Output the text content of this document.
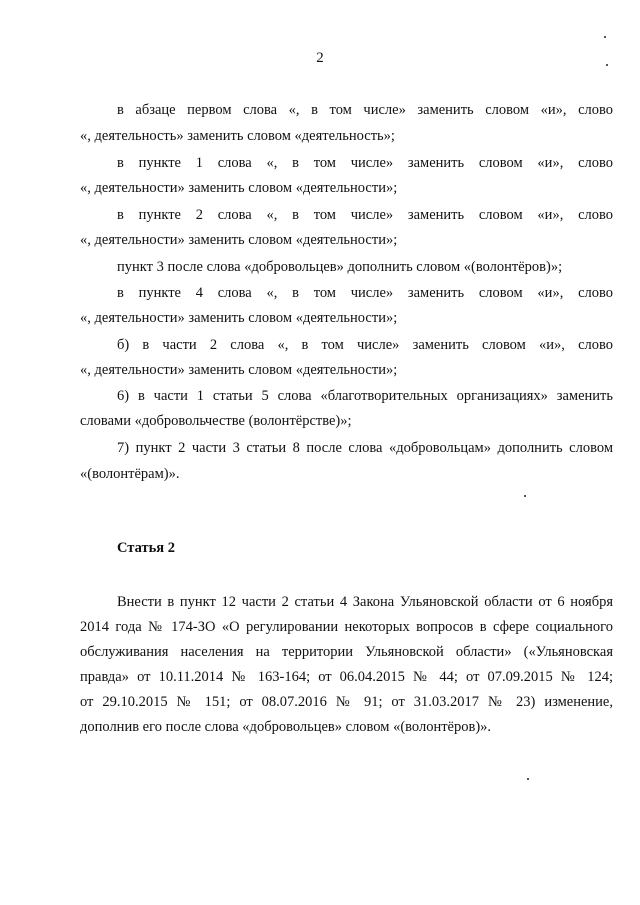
2
в абзаце первом слова «, в том числе» заменить словом «и», слово
«, деятельность» заменить словом «деятельность»;
в пункте 1 слова «, в том числе» заменить словом «и», слово
«, деятельности» заменить словом «деятельности»;
в пункте 2 слова «, в том числе» заменить словом «и», слово
«, деятельности» заменить словом «деятельности»;
пункт 3 после слова «добровольцев» дополнить словом «(волонтёров)»;
в пункте 4 слова «, в том числе» заменить словом «и», слово
«, деятельности» заменить словом «деятельности»;
б) в части 2 слова «, в том числе» заменить словом «и», слово
«, деятельности» заменить словом «деятельности»;
6) в части 1 статьи 5 слова «благотворительных организациях» заменить
словами «добровольчестве (волонтёрстве)»;
7) пункт 2 части 3 статьи 8 после слова «добровольцам» дополнить словом
«(волонтёрам)».
Статья 2
Внести в пункт 12 части 2 статьи 4 Закона Ульяновской области от 6 ноября
2014 года № 174-ЗО «О регулировании некоторых вопросов в сфере социального
обслуживания населения на территории Ульяновской области» («Ульяновская
правда» от 10.11.2014 № 163-164; от 06.04.2015 № 44; от 07.09.2015 № 124;
от 29.10.2015 № 151; от 08.07.2016 № 91; от 31.03.2017 № 23) изменение,
дополнив его после слова «добровольцев» словом «(волонтёров)».
